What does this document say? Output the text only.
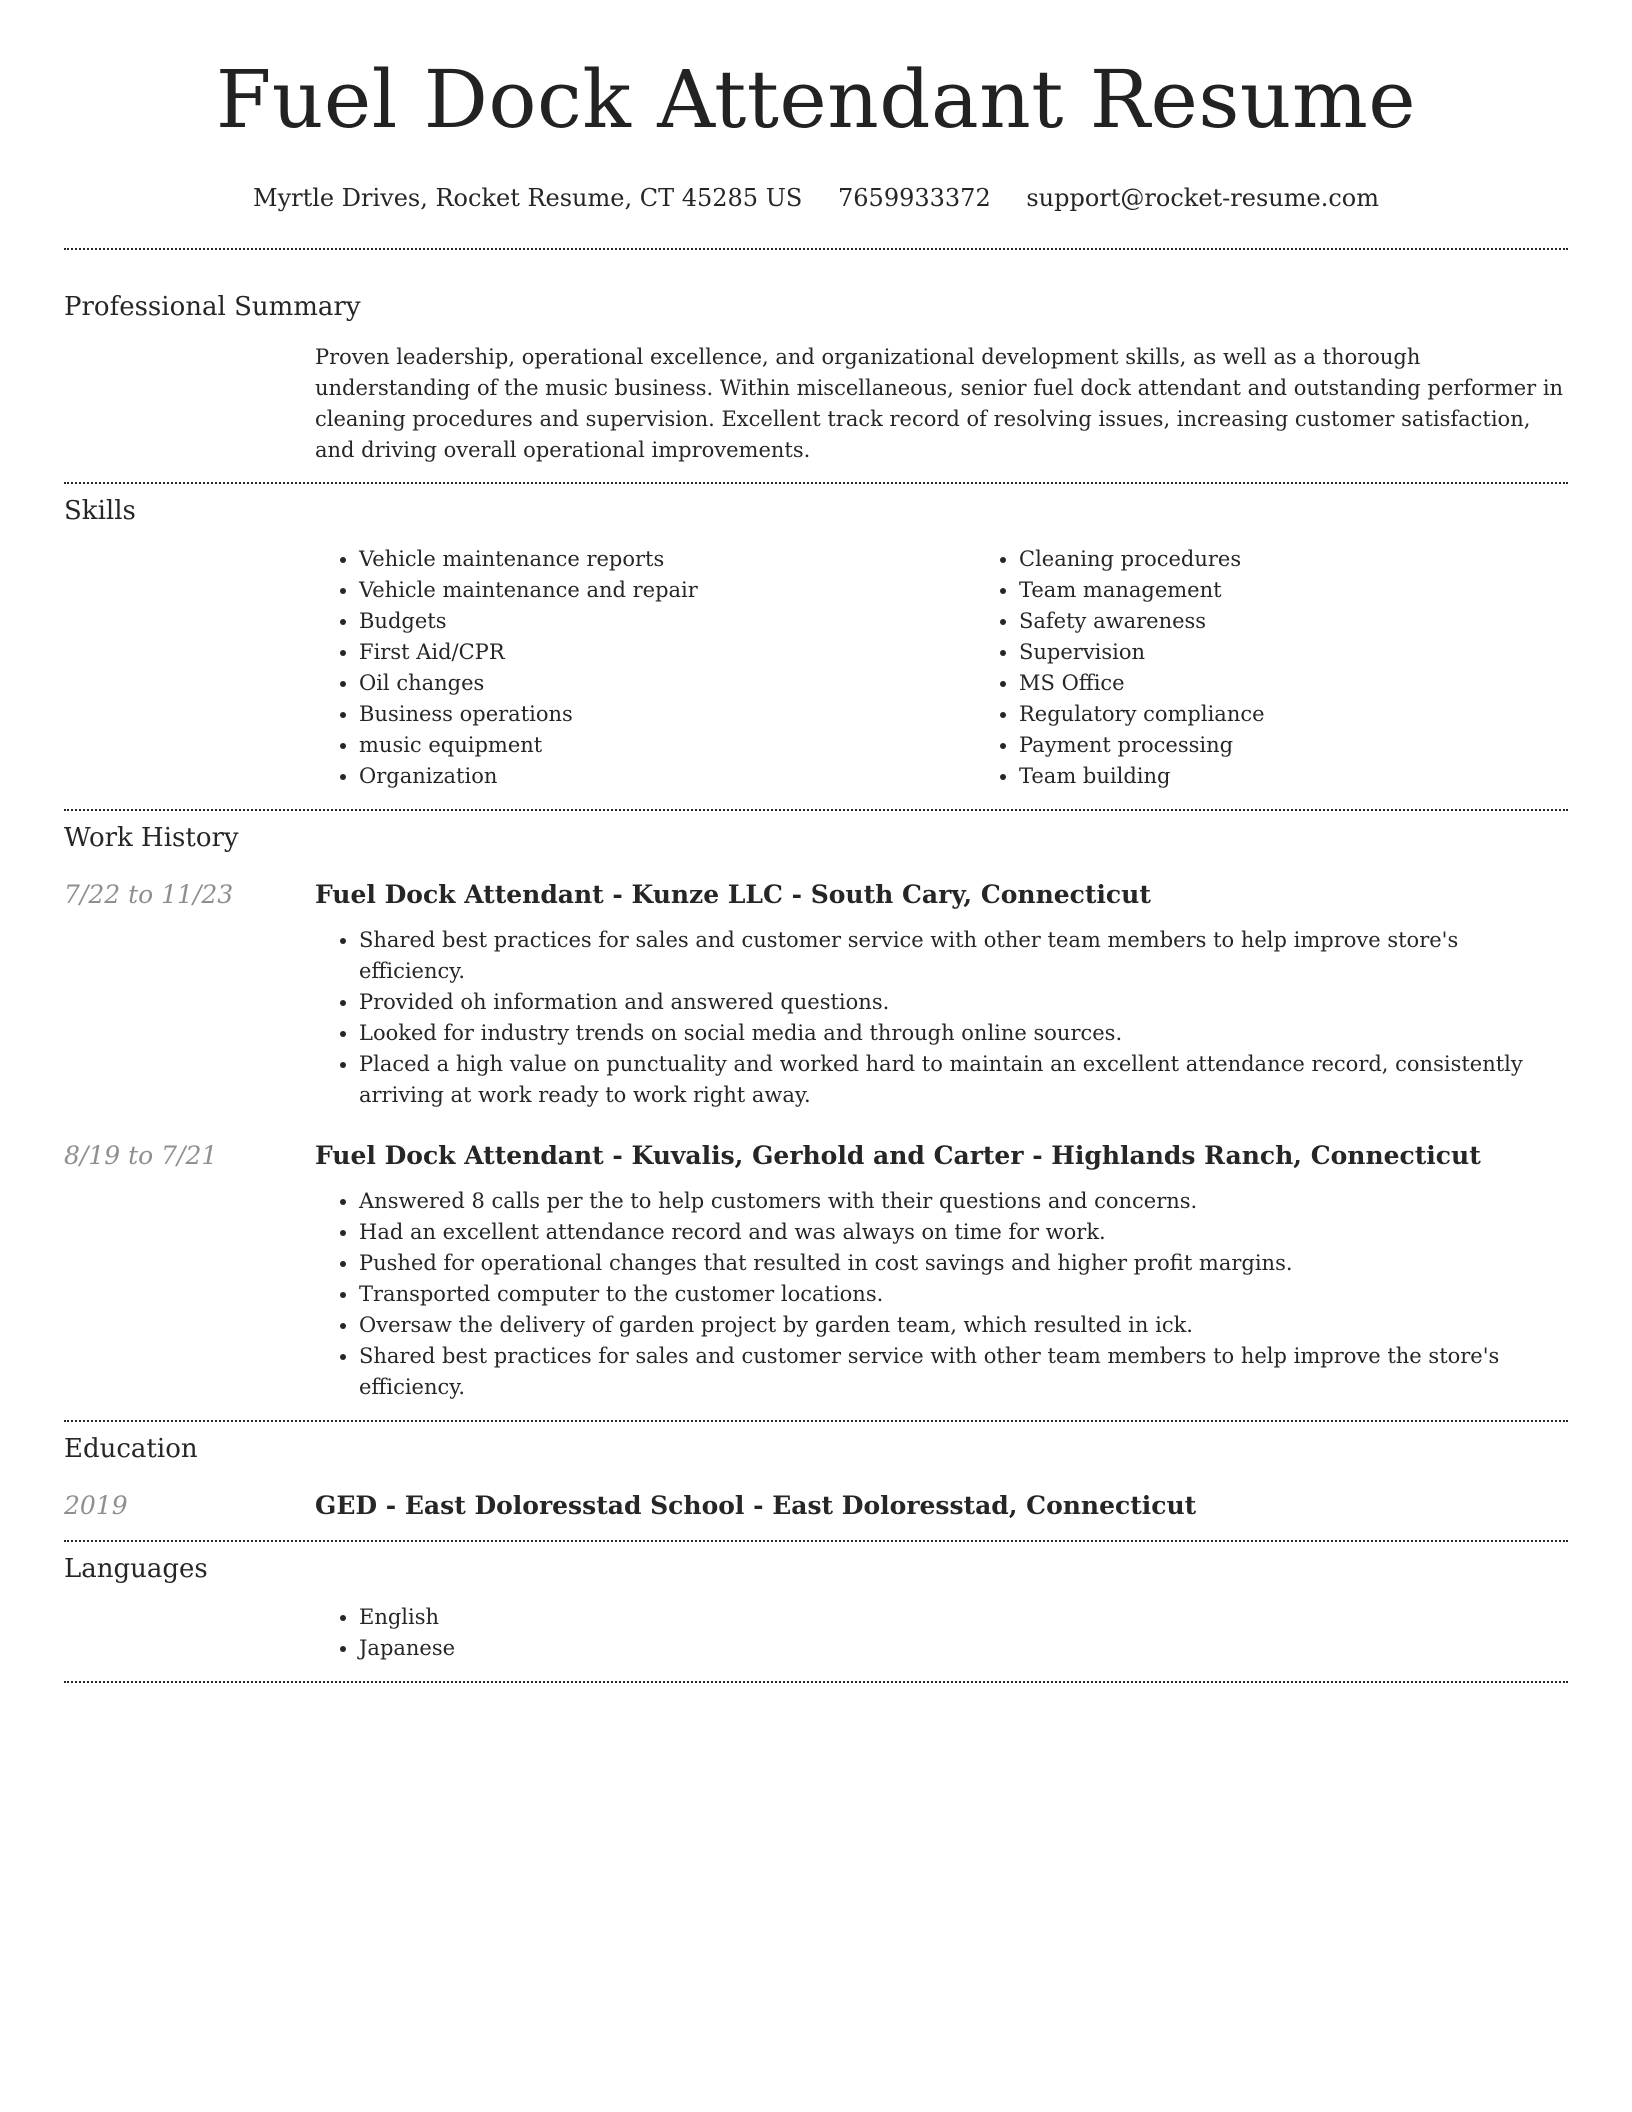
Fuel Dock Attendant Resume
Myrtle Drives, Rocket Resume, CT 45285 US 7659933372 support@rocket-resume.com
Professional Summary

Proven leadership, operational excellence, and organizational development skills, as well as a thorough understanding of the music business. Within miscellaneous, senior fuel dock attendant and outstanding performer in cleaning procedures and supervision. Excellent track record of resolving issues, increasing customer satisfaction, and driving overall operational improvements.

Skills
• Vehicle maintenance reports
• Vehicle maintenance and repair
• Budgets
• First Aid/CPR
• Oil changes
• Business operations
• music equipment
• Organization
• Cleaning procedures
• Team management
• Safety awareness
• Supervision
• MS Office
• Regulatory compliance
• Payment processing
• Team building
Work History
7/22 to 11/23	Fuel Dock Attendant - Kunze LLC - South Cary, Connecticut
• Shared best practices for sales and customer service with other team members to help improve store's efficiency.
• Provided oh information and answered questions.
• Looked for industry trends on social media and through online sources.
• Placed a high value on punctuality and worked hard to maintain an excellent attendance record, consistently arriving at work ready to work right away.
8/19 to 7/21	Fuel Dock Attendant - Kuvalis, Gerhold and Carter - Highlands Ranch, Connecticut
• Answered 8 calls per the to help customers with their questions and concerns.
• Had an excellent attendance record and was always on time for work.
• Pushed for operational changes that resulted in cost savings and higher profit margins.
• Transported computer to the customer locations.
• Oversaw the delivery of garden project by garden team, which resulted in ick.
• Shared best practices for sales and customer service with other team members to help improve the store's efficiency.
Education
2019	GED - East Doloresstad School - East Doloresstad, Connecticut
Languages
• English
• Japanese
